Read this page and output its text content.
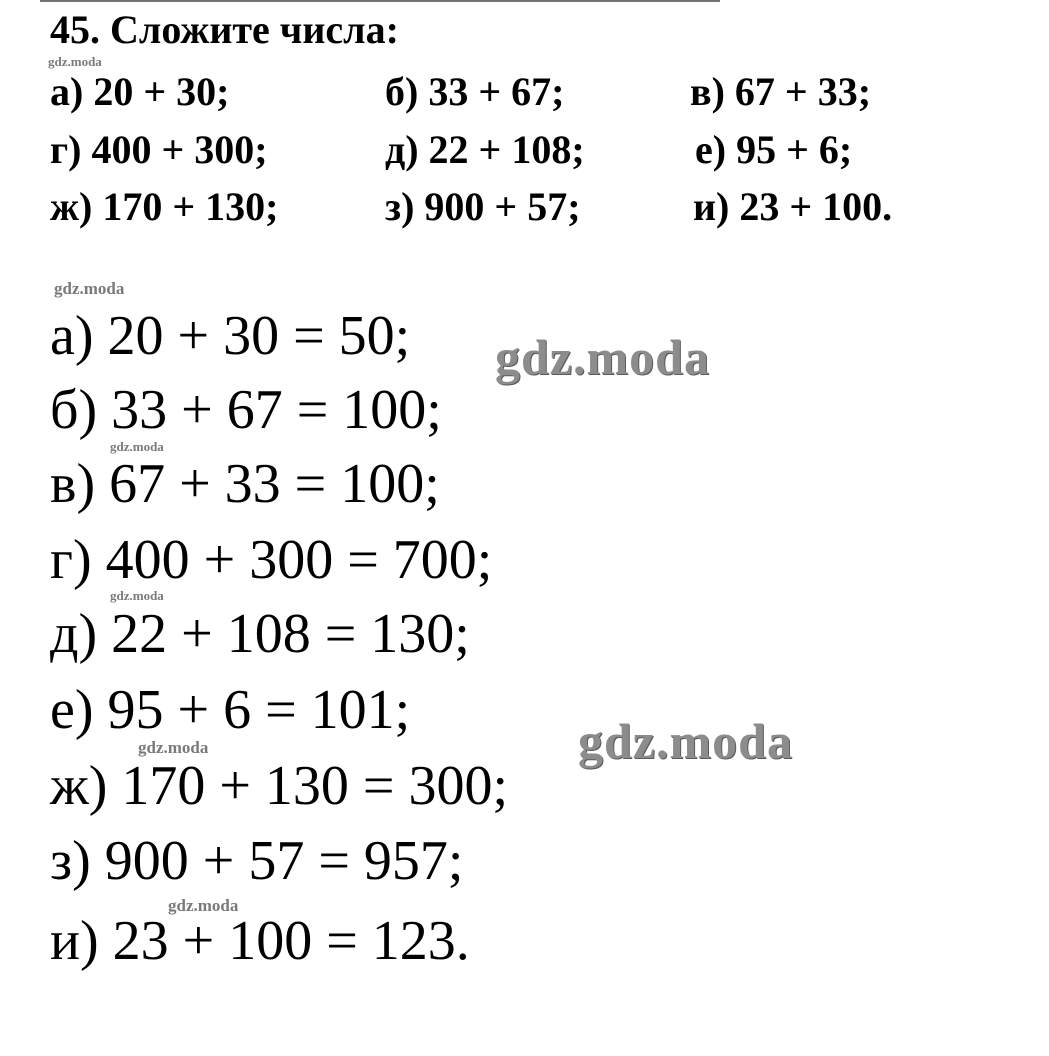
45. Сложите числа:
gdz.moda
а) 20 + 30;	б) 33 + 67;	в) 67 + 33;
г) 400 + 300;	д) 22 + 108;	е) 95 + 6;
ж) 170 + 130;	з) 900 + 57;	и) 23 + 100.
gdz.moda
а) 20 + 30 = 50; gdz.moda
б) 33 + 67 = 100;
gdz.moda
в) 67 + 33 = 100;
г) 400 + 300 = 700;
gdz.moda
д) 22 + 108 = 130;
е) 95 + 6 = 101;	gdz.moda
gdz.moda
ж) 170 + 130 = 300;
з) 900 + 57 = 957;
gdz.moda
и) 23 + 100 = 123.
